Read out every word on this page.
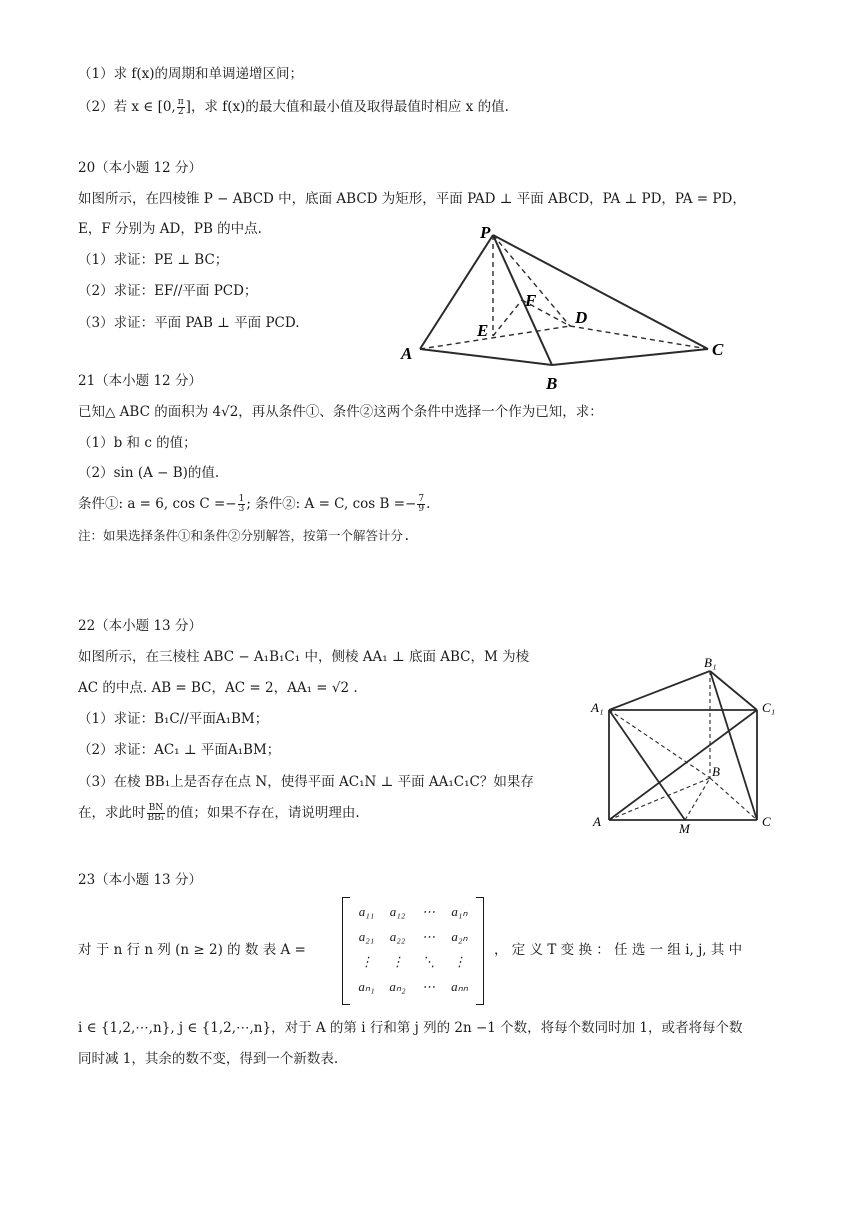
（1）求 f(x)的周期和单调递增区间；
（2）若 x ∈ [0, $\frac{\pi}{2}$ ]，求 f(x)的最大值和最小值及取得最值时相应 x 的值.
20（本小题 12 分）
如图所示，在四棱锥 P − ABCD 中，底面 ABCD 为矩形，平面 PAD ⊥ 平面 ABCD，PA ⊥ PD，PA = PD，
E，F 分别为 AD，PB 的中点.
（1）求证：PE ⊥ BC；
（2）求证：EF//平面 PCD；
（3）求证：平面 PAB ⊥ 平面 PCD.
P
A
B
C
D
E
F
21（本小题 12 分）
已知△ ABC 的面积为 4√2，再从条件①、条件②这两个条件中选择一个作为已知，求：
（1）b 和 c 的值；
（2）sin (A − B)的值.
条件①: a = 6, $\cos C =- \frac{1}{3}$ ; 条件②: A = C, $\cos B =- \frac{7}{9}$ .
注：如果选择条件①和条件②分别解答，按第一个解答计分.
22（本小题 13 分）
如图所示，在三棱柱 ABC − A₁B₁C₁ 中，侧棱 AA₁ ⊥ 底面 ABC，M 为棱
AC 的中点. AB = BC，AC = 2，AA₁ = √2 .
（1）求证：B₁C//平面A₁BM；
（2）求证：AC₁ ⊥ 平面A₁BM；
（3）在棱 BB₁上是否存在点 N，使得平面 AC₁N ⊥ 平面 AA₁C₁C？如果存
在，求此时 $\frac{BN}{\text{BB₁}}$ 的值；如果不存在，请说明理由.
B₁
A₁	C₁
B
A	M	C
23（本小题 13 分）
对 于 n 行 n 列 (n ≥ 2) 的 数 表 A =
a₁₁	a₁₂	⋯	a₁ₙ
a₂₁	a₂₂	⋯	a₂ₙ
⋮	⋮	⋱	⋮
aₙ₁	aₙ₂	⋯	aₙₙ
， 定 义 T 变 换 ： 任 选 一 组 i, j, 其 中
i ∈ {1,2,⋯,n}, j ∈ {1,2,⋯,n}，对于 A 的第 i 行和第 j 列的 2n −1 个数，将每个数同时加 1，或者将每个数
同时减 1，其余的数不变，得到一个新数表.
